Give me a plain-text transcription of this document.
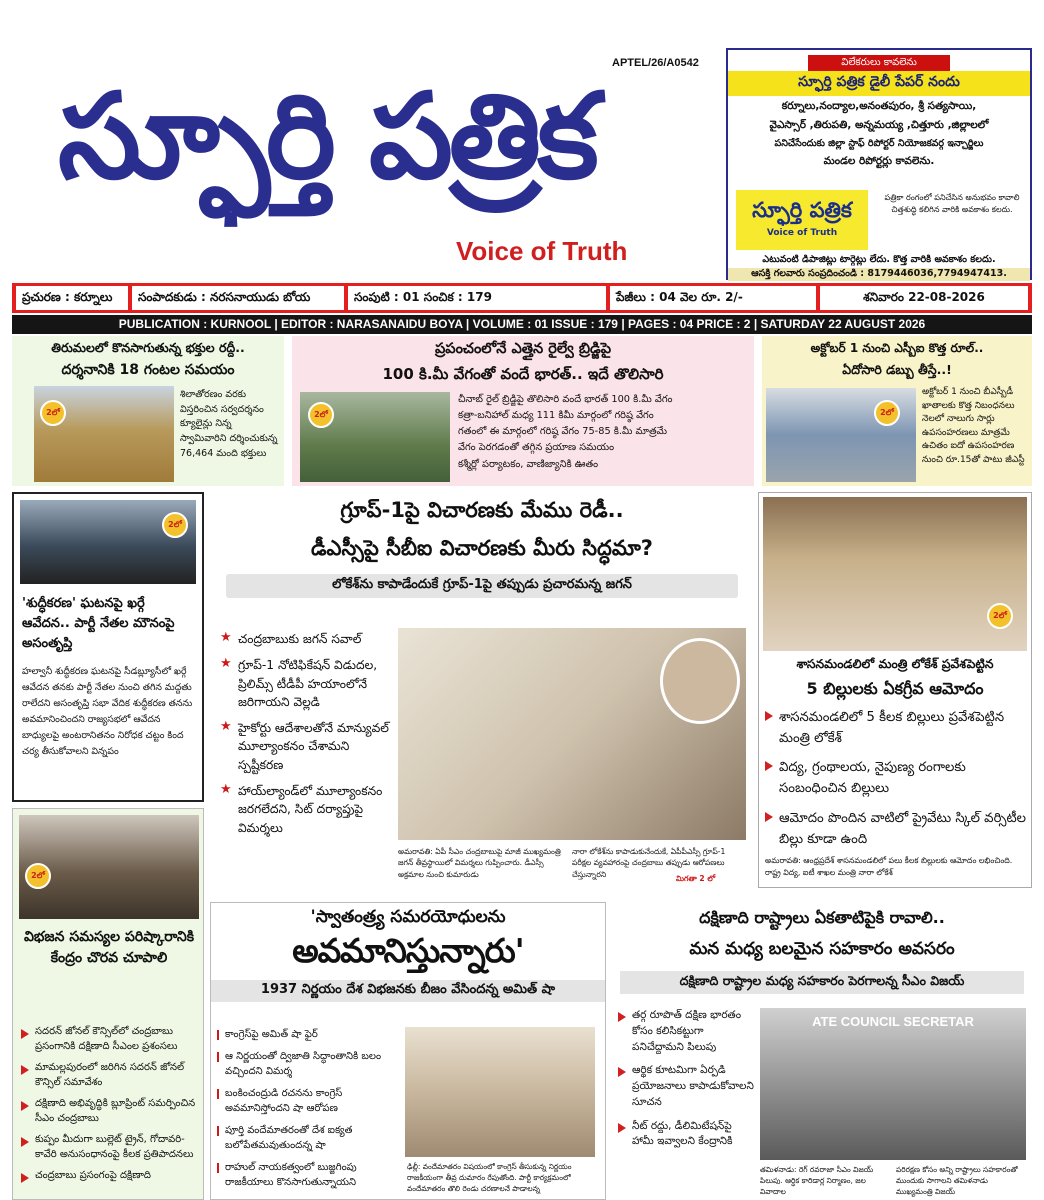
స్ఫూర్తి పత్రిక
APTEL/26/A0542
Voice of Truth
విలేకరులు కావలెను
స్ఫూర్తి పత్రిక డైలీ పేపర్ నందు
కర్నూలు,నంద్యాల,అనంతపురం, శ్రీ సత్యసాయి,
వైఎస్సార్ ,తిరుపతి, అన్నమయ్య ,చిత్తూరు ,జిల్లాలలో
పనిచేసేందుకు జిల్లా స్టాఫ్ రిపోర్టర్ నియోజకవర్గ ఇన్చార్జిలు
మండల రిపోర్టర్లు కావలెను.
స్ఫూర్తి పత్రిక
Voice of Truth
పత్రికా రంగంలో పనిచేసిన అనుభవం కావాలి చిత్తశుద్ధి కలిగిన వారికి అవకాశం కలదు.
ఎటువంటి డిపాజిట్లు టార్గెట్లు లేదు. కొత్త వారికి అవకాశం కలదు.
ఆసక్తి గలవారు సంప్రదించండి : 8179446036,7794947413.
ప్రచురణ : కర్నూలు	సంపాదకుడు : నరసనాయుడు బోయ	సంపుటి : 01 సంచిక : 179	పేజీలు : 04 వెల రూ. 2/-	శనివారం 22-08-2026
PUBLICATION : KURNOOL | EDITOR : NARASANAIDU BOYA | VOLUME : 01 ISSUE : 179 | PAGES : 04 PRICE : 2 | SATURDAY 22 AUGUST 2026
తిరుమలలో కొనసాగుతున్న భక్తుల రద్దీ..
దర్శనానికి 18 గంటల సమయం
2లో
శిలాతోరణం వరకు విస్తరించిన సర్వదర్శనం క్యూలైన్లు నిన్న స్వామివారిని దర్శించుకున్న 76,464 మంది భక్తులు
ప్రపంచంలోనే ఎత్తైన రైల్వే బ్రిడ్జిపై
100 కి.మీ వేగంతో వందే భారత్.. ఇదే తొలిసారి
2లో
చీనాబ్ రైల్ బ్రిడ్జిపై తొలిసారి వందే భారత్ 100 కి.మీ వేగం
కత్రా-బనిహాల్ మధ్య 111 కిమీ మార్గంలో గరిష్ఠ వేగం
గతంలో ఈ మార్గంలో గరిష్ఠ వేగం 75-85 కి.మీ మాత్రమే
వేగం పెరగడంతో తగ్గిన ప్రయాణ సమయం
కశ్మీర్లో పర్యాటకం, వాణిజ్యానికి ఊతం
అక్టోబర్ 1 నుంచి ఎస్బీఐ కొత్త రూల్..
ఏదోసారి డబ్బు తీస్తే..!
2లో
అక్టోబర్ 1 నుంచి బీఎస్బీడీ ఖాతాలకు కొత్త నిబంధనలు నెలలో నాలుగు సార్లు ఉపసంహరణలు మాత్రమే ఉచితం ఐదో ఉపసంహరణ నుంచి రూ.15తో పాటు జీఎస్టీ
2లో
'శుద్ధీకరణ' ఘటనపై ఖర్గే ఆవేదన.. పార్టీ నేతల మౌనంపై అసంతృప్తి
హల్వానీ శుద్ధీకరణ ఘటనపై సీడబ్ల్యూసీలో ఖర్గే ఆవేదన తనకు పార్టీ నేతల నుంచి తగిన మద్దతు రాలేదని అసంతృప్తి సభా వేదిక శుద్ధీకరణ తనను అవమానించిందని రాజ్యసభలో ఆవేదన బాధ్యులపై అంటరానితనం నిరోధక చట్టం కింద చర్య తీసుకోవాలని విన్నపం
గ్రూప్-1పై విచారణకు మేము రెడీ..
డీఎస్సీపై సీబీఐ విచారణకు మీరు సిద్ధమా?
లోకేశ్‌ను కాపాడేందుకే గ్రూప్-1పై తప్పుడు ప్రచారమన్న జగన్
★ చంద్రబాబుకు జగన్ సవాల్
★ గ్రూప్-1 నోటిఫికేషన్ విడుదల, ప్రిలిమ్స్ టీడీపీ హయాంలోనే జరిగాయని వెల్లడి
★ హైకోర్టు ఆదేశాలతోనే మాన్యువల్ మూల్యాంకనం చేశామని స్పష్టీకరణ
★ హాయ్‌ల్యాండ్‌లో మూల్యాంకనం జరగలేదని, సిట్ దర్యాప్తుపై విమర్శలు
అమరావతి: ఏపీ సీఎం చంద్రబాబుపై మాజీ ముఖ్యమంత్రి జగన్ తీవ్రస్థాయిలో విమర్శలు గుప్పించారు. డీఎస్సీ అక్రమాల నుంచి కుమారుడు
నారా లోకేశ్‌ను కాపాడుకునేందుకే, ఏపీపీఎస్సీ గ్రూప్-1 పరీక్షల వ్యవహారంపై చంద్రబాబు తప్పుడు ఆరోపణలు చేస్తున్నారని	మిగతా 2 లో
2లో
శాసనమండలిలో మంత్రి లోకేశ్ ప్రవేశపెట్టిన
5 బిల్లులకు ఏకగ్రీవ ఆమోదం
శాసనమండలిలో 5 కీలక బిల్లులు ప్రవేశపెట్టిన మంత్రి లోకేశ్
విద్య, గ్రంథాలయ, నైపుణ్య రంగాలకు సంబంధించిన బిల్లులు
ఆమోదం పొందిన వాటిలో ప్రైవేటు స్కిల్ వర్సిటీల బిల్లు కూడా ఉంది
అమరావతి: ఆంధ్రప్రదేశ్ శాసనమండలిలో పలు కీలక బిల్లులకు ఆమోదం లభించింది. రాష్ట్ర విద్య, ఐటీ శాఖల మంత్రి నారా లోకేశ్
2లో
విభజన సమస్యల పరిష్కారానికి కేంద్రం చొరవ చూపాలి
సదరన్ జోనల్ కౌన్సిల్‌లో చంద్రబాబు ప్రసంగానికి దక్షిణాది సీఎంల ప్రశంసలు
మామల్లపురంలో జరిగిన సదరన్ జోనల్ కౌన్సిల్ సమావేశం
దక్షిణాది అభివృద్ధికి బ్లూప్రింట్ సమర్పించిన సీఎం చంద్రబాబు
కుప్పం మీదుగా బుల్లెట్ ట్రైన్, గోదావరి-కావేరి అనుసంధానంపై కీలక ప్రతిపాదనలు
చంద్రబాబు ప్రసంగంపై దక్షిణాది
'స్వాతంత్ర్య సమరయోధులను
అవమానిస్తున్నారు'
1937 నిర్ణయం దేశ విభజనకు బీజం వేసిందన్న అమిత్ షా
కాంగ్రెస్‌పై అమిత్ షా ఫైర్
ఆ నిర్ణయంతో ద్విజాతి సిద్ధాంతానికి బలం వచ్చిందని విమర్శ
బంకించంద్రుడి రచనను కాంగ్రెస్ అవమానిస్తోందని షా ఆరోపణ
పూర్తి వందేమాతరంతో దేశ ఐక్యత బలోపేతమవుతుందన్న షా
రాహుల్ నాయకత్వంలో బుజ్జగింపు రాజకీయాలు కొనసాగుతున్నాయని
ఢిల్లీ: వందేమాతరం విషయంలో కాంగ్రెస్ తీసుకున్న నిర్ణయం రాజకీయంగా తీవ్ర దుమారం రేపుతోంది. పార్టీ కార్యక్రమంలో వందేమాతరం తొలి రెండు చరణాలనే పాడాలన్న
దక్షిణాది రాష్ట్రాలు ఏకతాటిపైకి రావాలి..
మన మధ్య బలమైన సహకారం అవసరం
దక్షిణాది రాష్ట్రాల మధ్య సహకారం పెరగాలన్న సీఎం విజయ్
తర్గ రూపొత్ దక్షిణ భారతం కోసం కలిసికట్టుగా పనిచేద్దామని పిలుపు
ఆర్థిక కూటమిగా ఏర్పడి ప్రయోజనాలు కాపాడుకోవాలని సూచన
నీట్ రద్దు, డీలిమిటేషన్‌పై హామీ ఇవ్వాలని కేంద్రానికి
ATE COUNCIL SECRETAR
తమిళనాడు: రెగ్ రవరాజా సీఎం విజయ్ పిలుపు. ఆర్థిక కారిడార్ల నిర్మాణం, జల వివాదాల
పరిరక్షణ కోసం అన్ని రాష్ట్రాలు సహకారంతో ముందుకు సాగాలని తమిళనాడు ముఖ్యమంత్రి విజయ్
